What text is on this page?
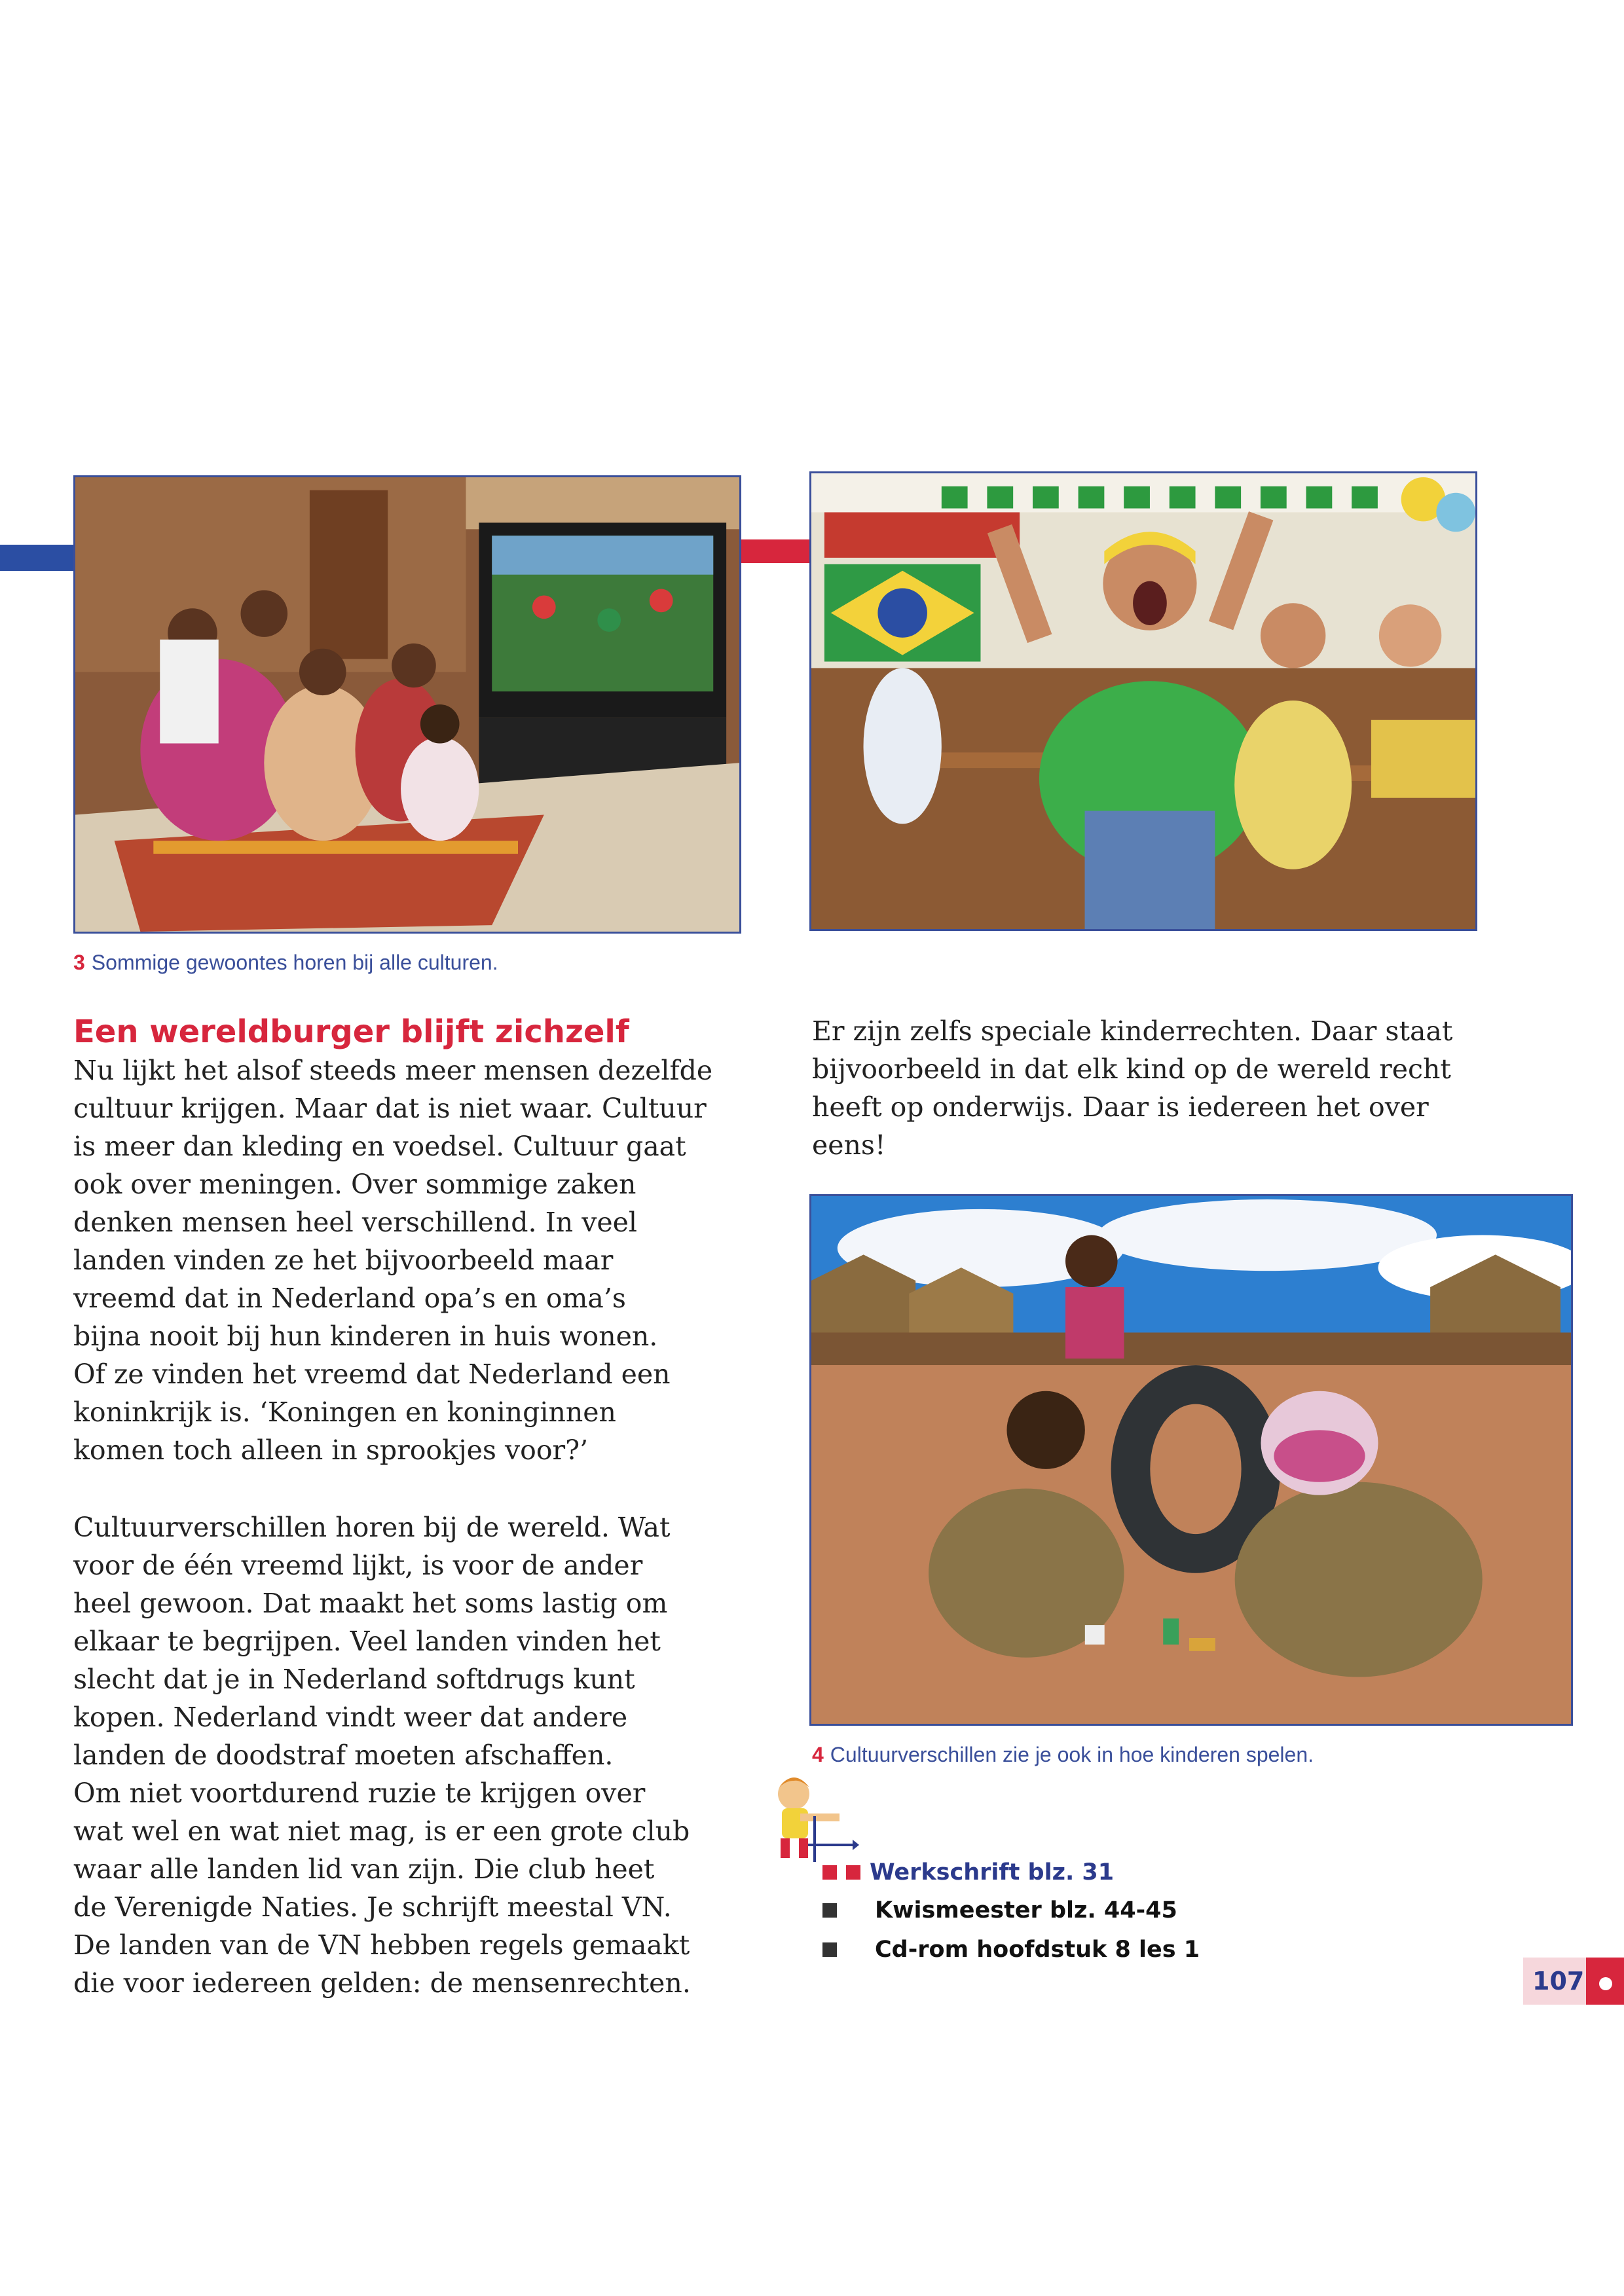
3 Sommige gewoontes horen bij alle culturen.
Een wereldburger blijft zichzelf

Nu lijkt het alsof steeds meer mensen dezelfde
cultuur krijgen. Maar dat is niet waar. Cultuur
is meer dan kleding en voedsel. Cultuur gaat
ook over meningen. Over sommige zaken
denken mensen heel verschillend. In veel
landen vinden ze het bijvoorbeeld maar
vreemd dat in Nederland opa’s en oma’s
bijna nooit bij hun kinderen in huis wonen.
Of ze vinden het vreemd dat Nederland een
koninkrijk is. ‘Koningen en koninginnen
komen toch alleen in sprookjes voor?’

Cultuurverschillen horen bij de wereld. Wat
voor de één vreemd lijkt, is voor de ander
heel gewoon. Dat maakt het soms lastig om
elkaar te begrijpen. Veel landen vinden het
slecht dat je in Nederland softdrugs kunt
kopen. Nederland vindt weer dat andere
landen de doodstraf moeten afschaffen.
Om niet voortdurend ruzie te krijgen over
wat wel en wat niet mag, is er een grote club
waar alle landen lid van zijn. Die club heet
de Verenigde Naties. Je schrijft meestal VN.
De landen van de VN hebben regels gemaakt
die voor iedereen gelden: de mensenrechten.

Er zijn zelfs speciale kinderrechten. Daar staat
bijvoorbeeld in dat elk kind op de wereld recht
heeft op onderwijs. Daar is iedereen het over
eens!

4 Cultuurverschillen zie je ook in hoe kinderen spelen.
Werkschrift blz. 31
Kwismeester blz. 44-45
Cd-rom hoofdstuk 8 les 1
107
